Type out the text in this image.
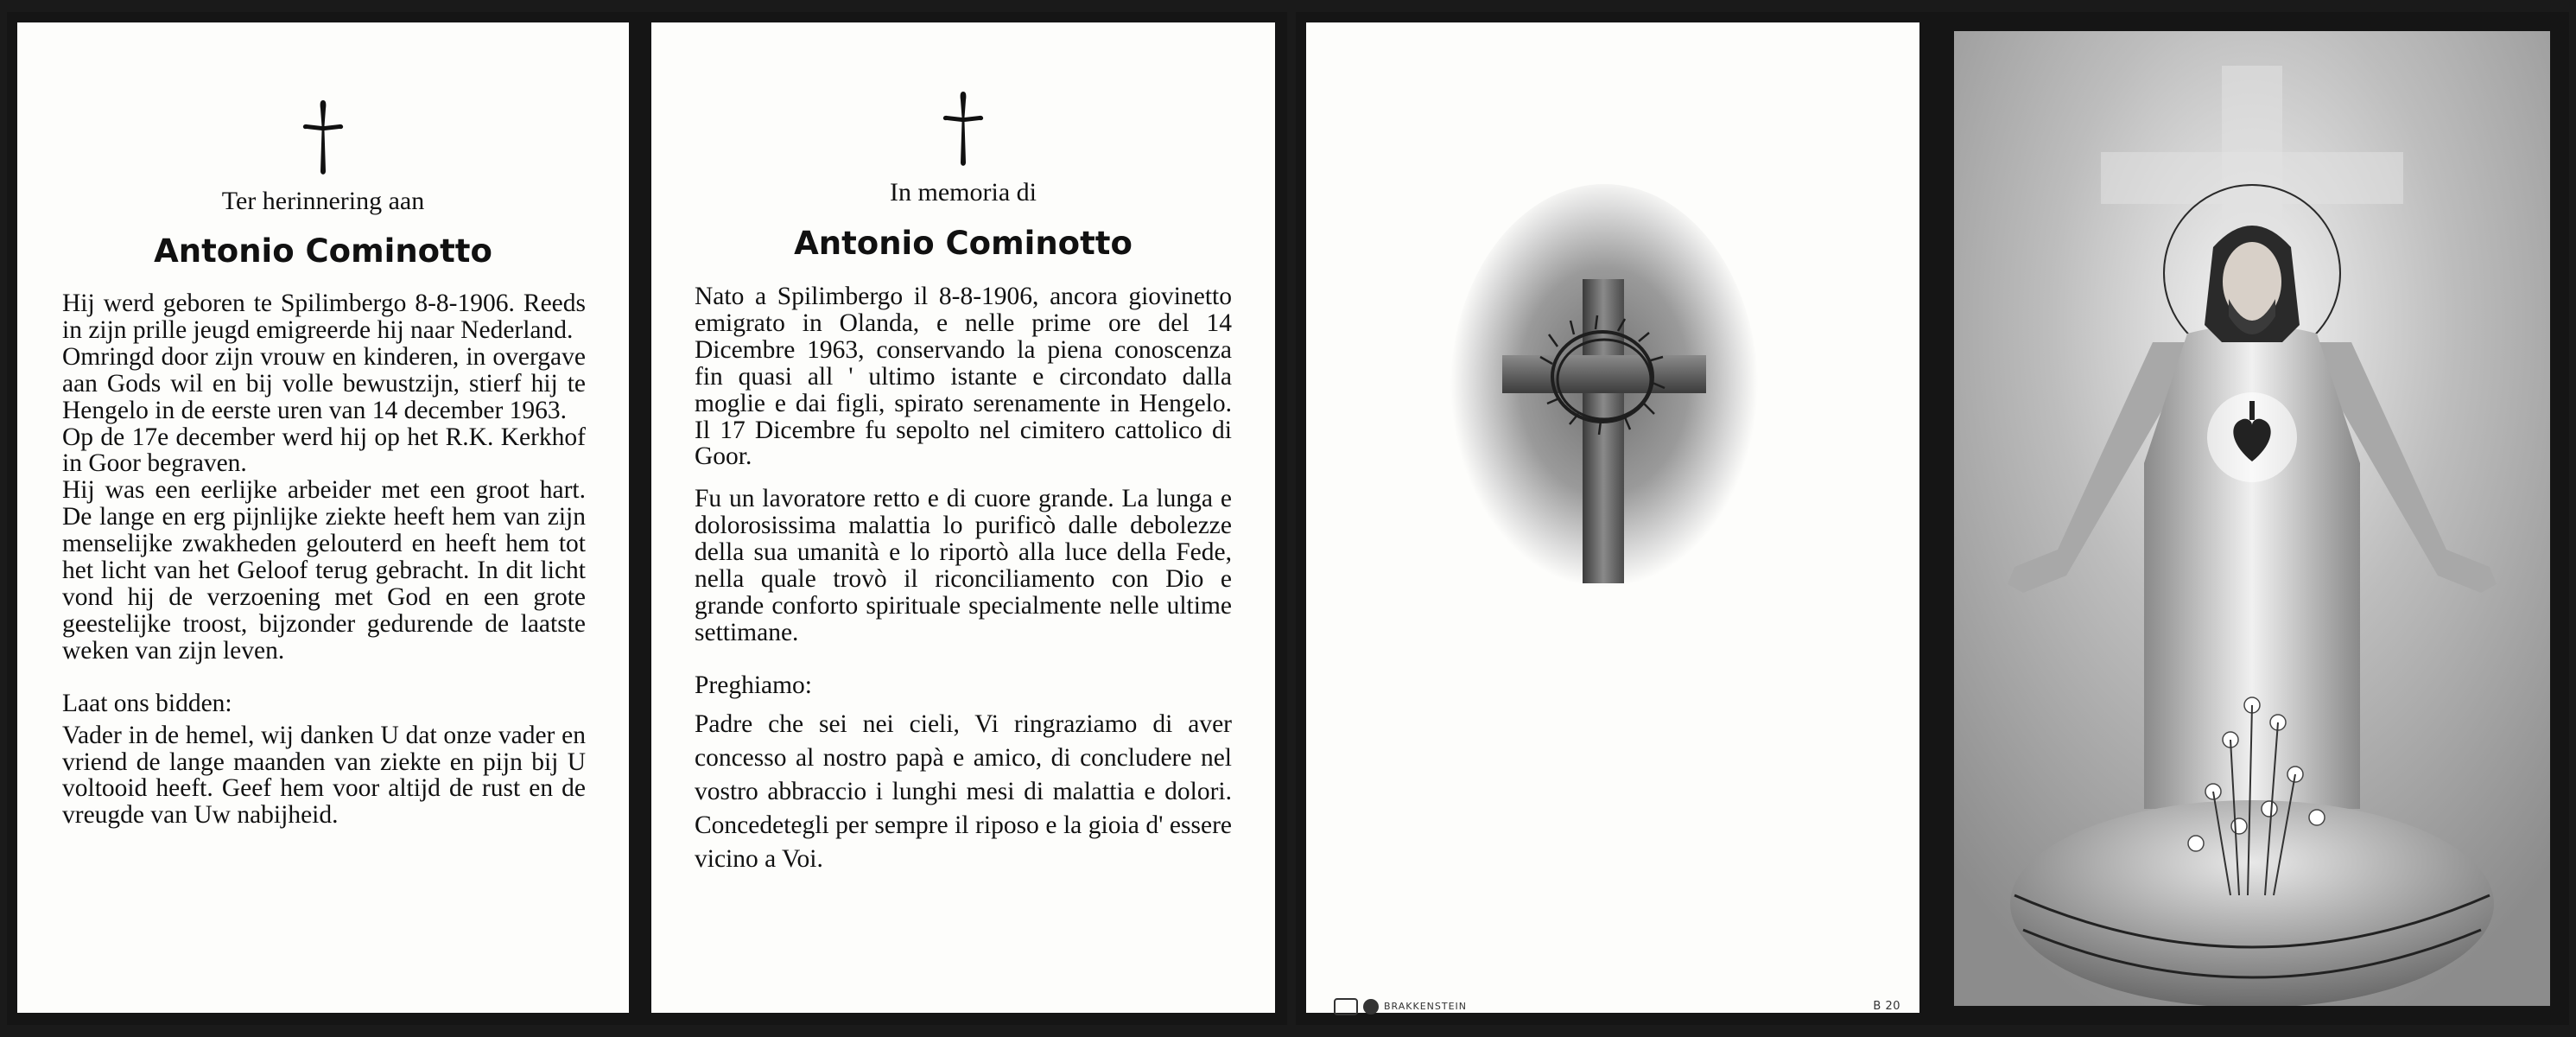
Ter herinnering aan
Antonio Cominotto

Hij werd geboren te Spilimbergo 8-8-1906. Reeds in zijn prille jeugd emigreerde hij naar Nederland.

Omringd door zijn vrouw en kinderen, in overgave aan Gods wil en bij volle bewustzijn, stierf hij te Hengelo in de eerste uren van 14 december 1963.

Op de 17e december werd hij op het R.K. Kerkhof in Goor begraven.

Hij was een eerlijke arbeider met een groot hart. De lange en erg pijnlijke ziekte heeft hem van zijn menselijke zwakheden gelouterd en heeft hem tot het licht van het Geloof terug gebracht. In dit licht vond hij de verzoening met God en een grote geestelijke troost, bijzonder gedurende de laatste weken van zijn leven.

Laat ons bidden:

Vader in de hemel, wij danken U dat onze vader en vriend de lange maanden van ziekte en pijn bij U voltooid heeft. Geef hem voor altijd de rust en de vreugde van Uw nabijheid.

In memoria di
Antonio Cominotto

Nato a Spilimbergo il 8-8-1906, ancora giovinetto emigrato in Olanda, e nelle prime ore del 14 Dicembre 1963, conservando la piena conoscenza fin quasi all ' ultimo istante e circondato dalla moglie e dai figli, spirato serenamente in Hengelo. Il 17 Dicembre fu sepolto nel cimitero cattolico di Goor.

Fu un lavoratore retto e di cuore grande. La lunga e dolorosissima malattia lo purificò dalle debolezze della sua umanità e lo riportò alla luce della Fede, nella quale trovò il riconciliamento con Dio e grande conforto spirituale specialmente nelle ultime settimane.

Preghiamo:

Padre che sei nei cieli, Vi ringraziamo di aver concesso al nostro papà e amico, di concludere nel vostro abbraccio i lunghi mesi di malattia e dolori. Concedetegli per sempre il riposo e la gioia d' essere vicino a Voi.

BRAKKENSTEIN	B 20
